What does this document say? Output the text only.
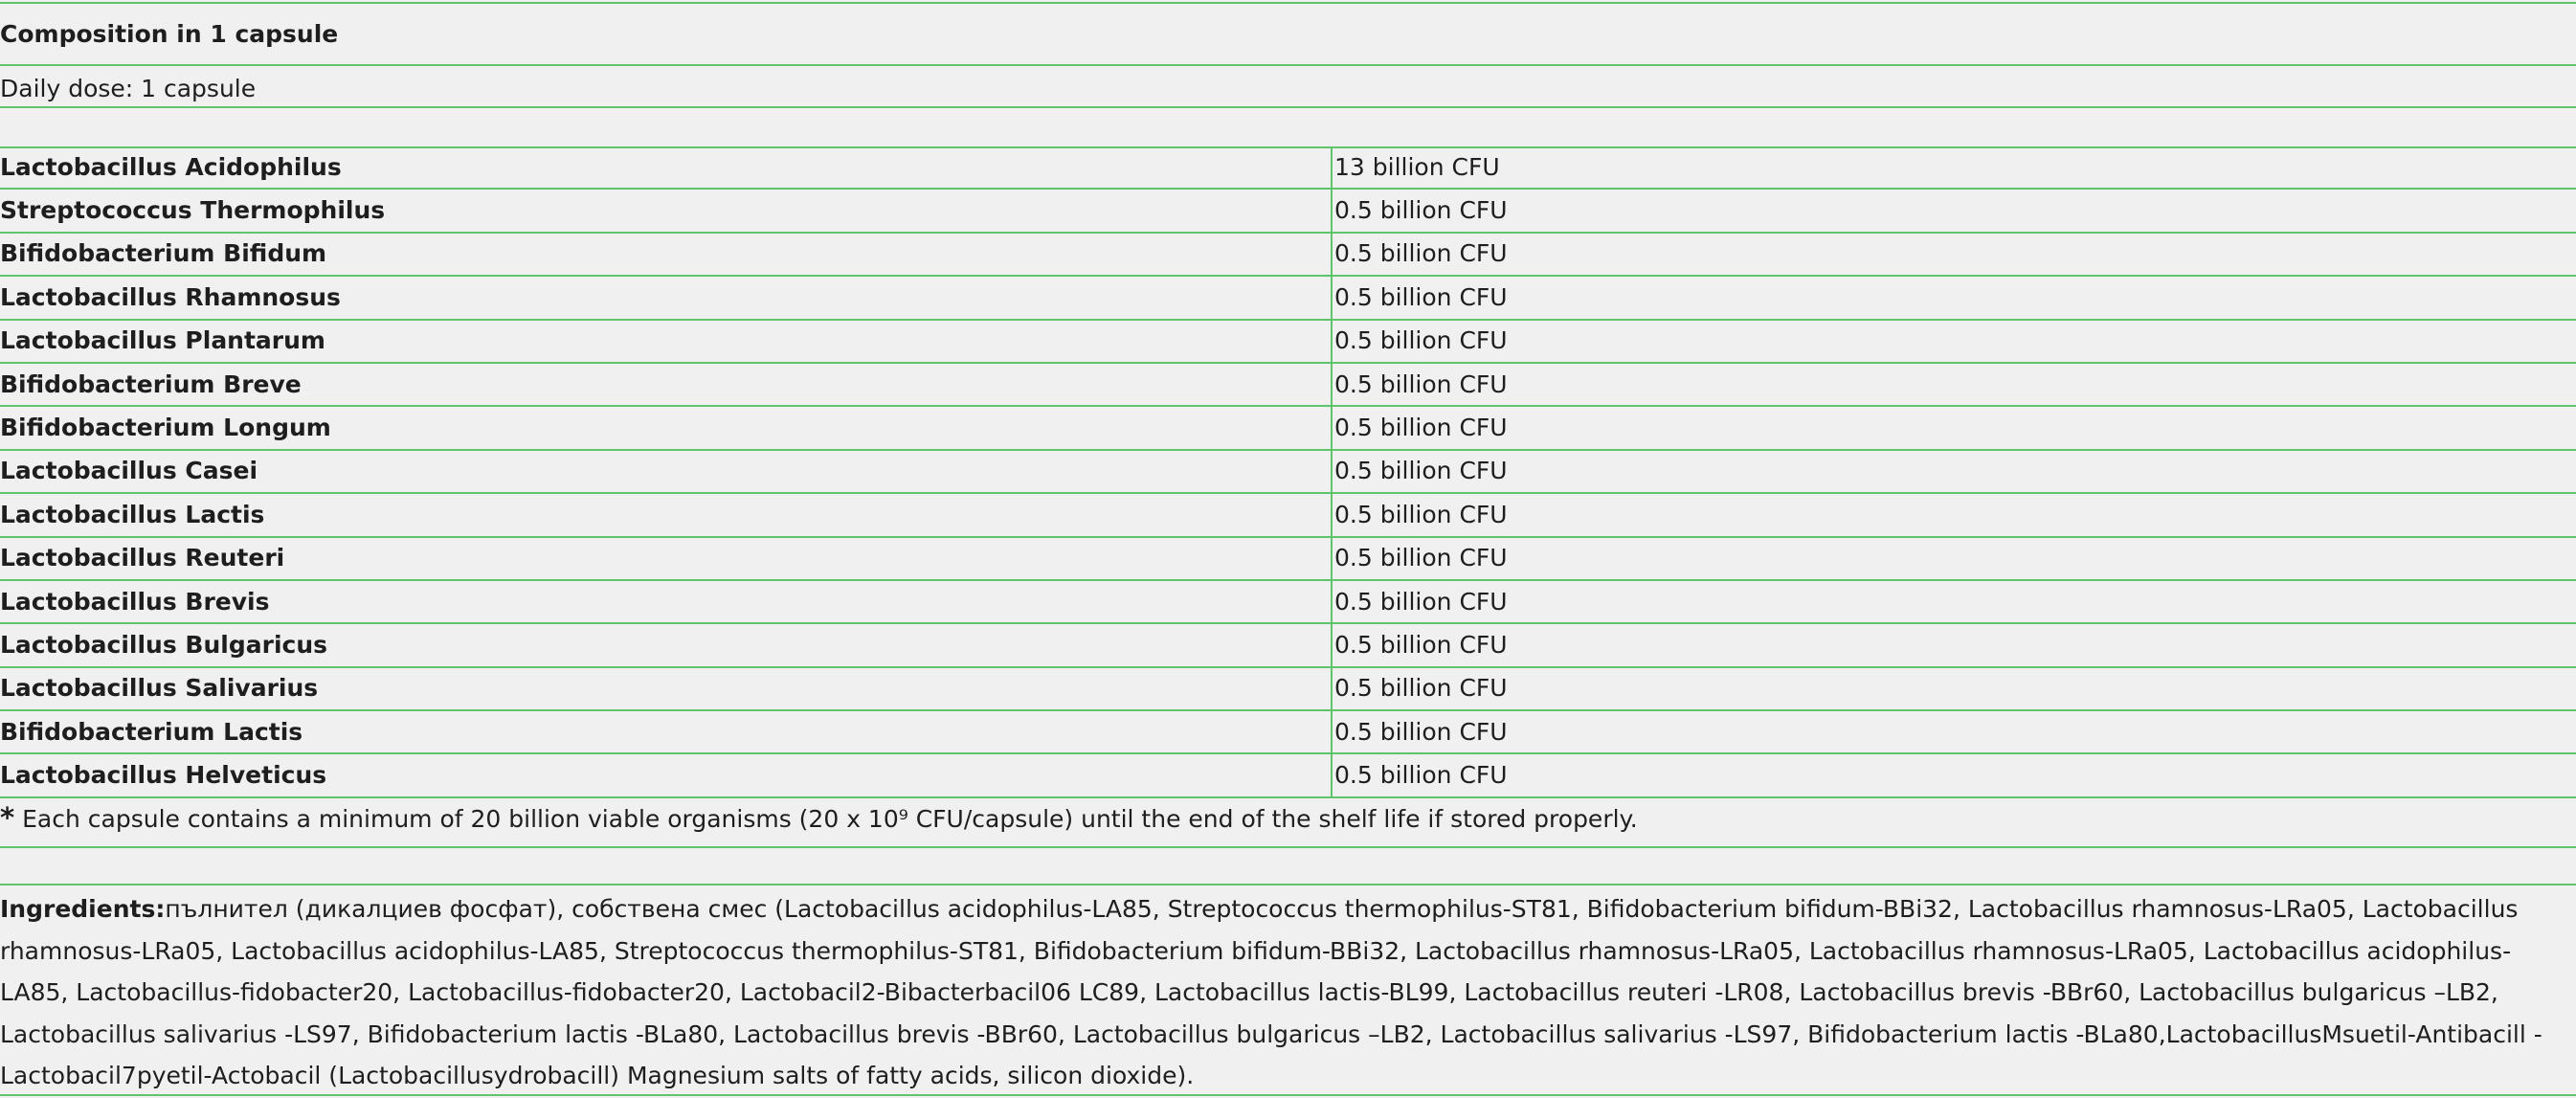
Composition in 1 capsule
Daily dose: 1 capsule
Lactobacillus Acidophilus	13 billion CFU
Streptococcus Thermophilus	0.5 billion CFU
Bifidobacterium Bifidum	0.5 billion CFU
Lactobacillus Rhamnosus	0.5 billion CFU
Lactobacillus Plantarum	0.5 billion CFU
Bifidobacterium Breve	0.5 billion CFU
Bifidobacterium Longum	0.5 billion CFU
Lactobacillus Casei	0.5 billion CFU
Lactobacillus Lactis	0.5 billion CFU
Lactobacillus Reuteri	0.5 billion CFU
Lactobacillus Brevis	0.5 billion CFU
Lactobacillus Bulgaricus	0.5 billion CFU
Lactobacillus Salivarius	0.5 billion CFU
Bifidobacterium Lactis	0.5 billion CFU
Lactobacillus Helveticus	0.5 billion CFU
* Each capsule contains a minimum of 20 billion viable organisms (20 x 10⁹ CFU/capsule) until the end of the shelf life if stored properly.
Ingredients:пълнител (дикалциев фосфат), собствена смес (Lactobacillus acidophilus-LA85, Streptococcus thermophilus-ST81, Bifidobacterium bifidum-BBi32, Lactobacillus rhamnosus-LRa05, Lactobacillus rhamnosus-LRa05, Lactobacillus acidophilus-LA85, Streptococcus thermophilus-ST81, Bifidobacterium bifidum-BBi32, Lactobacillus rhamnosus-LRa05, Lactobacillus rhamnosus-LRa05, Lactobacillus acidophilus-LA85, Lactobacillus-fidobacter20, Lactobacillus-fidobacter20, Lactobacil2-Bibacterbacil06 LC89, Lactobacillus lactis-BL99, Lactobacillus reuteri -LR08, Lactobacillus brevis -BBr60, Lactobacillus bulgaricus –LB2, Lactobacillus salivarius -LS97, Bifidobacterium lactis -BLa80, Lactobacillus brevis -BBr60, Lactobacillus bulgaricus –LB2, Lactobacillus salivarius -LS97, Bifidobacterium lactis -BLa80,LactobacillusMsuetil-Antibacill -Lactobacil7pyetil-Actobacil (Lactobacillusydrobacill) Magnesium salts of fatty acids, silicon dioxide).
